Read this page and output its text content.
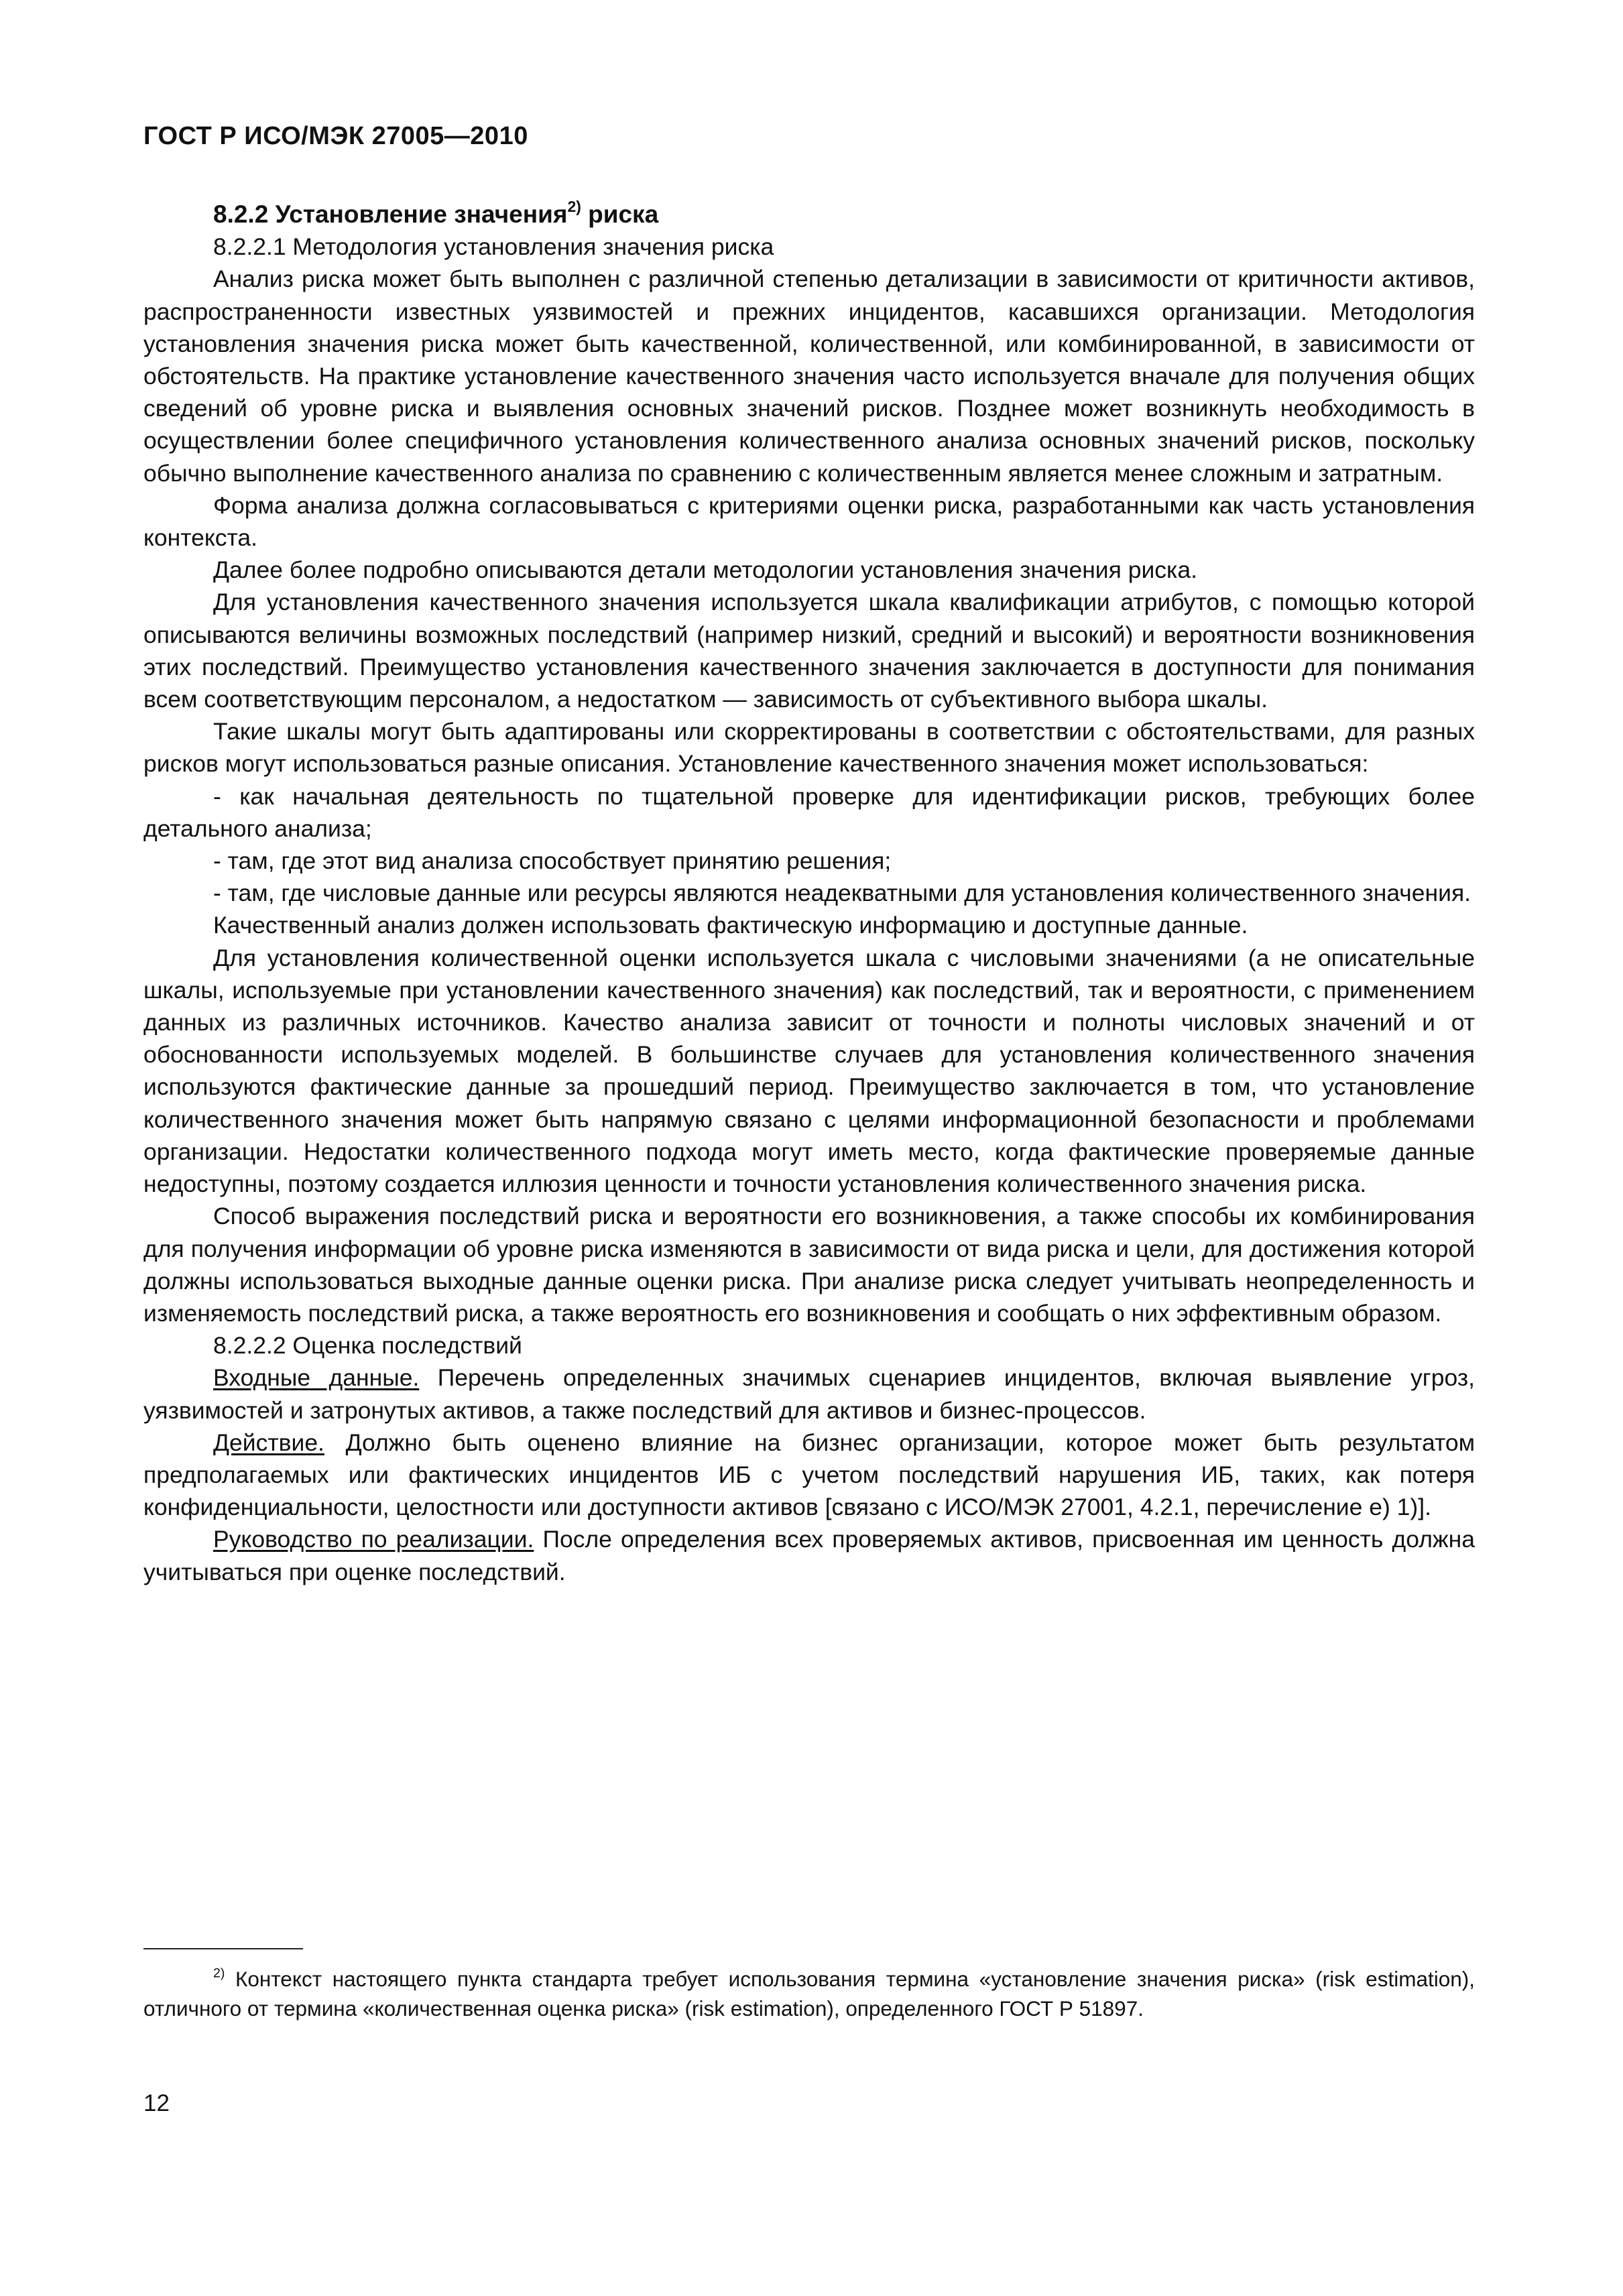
ГОСТ Р ИСО/МЭК 27005—2010

8.2.2 Установление значения$^{2)}$ риска

8.2.2.1 Методология установления значения риска

Анализ риска может быть выполнен с различной степенью детализации в зависимости от критичности активов, распространенности известных уязвимостей и прежних инцидентов, касавшихся организации. Методология установления значения риска может быть качественной, количественной, или комбинированной, в зависимости от обстоятельств. На практике установление качественного значения часто используется вначале для получения общих сведений об уровне риска и выявления основных значений рисков. Позднее может возникнуть необходимость в осуществлении более специфичного установления количественного анализа основных значений рисков, поскольку обычно выполнение качественного анализа по сравнению с количественным является менее сложным и затратным.

Форма анализа должна согласовываться с критериями оценки риска, разработанными как часть установления контекста.

Далее более подробно описываются детали методологии установления значения риска.

Для установления качественного значения используется шкала квалификации атрибутов, с помощью которой описываются величины возможных последствий (например низкий, средний и высокий) и вероятности возникновения этих последствий. Преимущество установления качественного значения заключается в доступности для понимания всем соответствующим персоналом, а недостатком — зависимость от субъективного выбора шкалы.

Такие шкалы могут быть адаптированы или скорректированы в соответствии с обстоятельствами, для разных рисков могут использоваться разные описания. Установление качественного значения может использоваться:

- как начальная деятельность по тщательной проверке для идентификации рисков, требующих более детального анализа;

- там, где этот вид анализа способствует принятию решения;

- там, где числовые данные или ресурсы являются неадекватными для установления количественного значения.

Качественный анализ должен использовать фактическую информацию и доступные данные.

Для установления количественной оценки используется шкала с числовыми значениями (а не описательные шкалы, используемые при установлении качественного значения) как последствий, так и вероятности, с применением данных из различных источников. Качество анализа зависит от точности и полноты числовых значений и от обоснованности используемых моделей. В большинстве случаев для установления количественного значения используются фактические данные за прошедший период. Преимущество заключается в том, что установление количественного значения может быть напрямую связано с целями информационной безопасности и проблемами организации. Недостатки количественного подхода могут иметь место, когда фактические проверяемые данные недоступны, поэтому создается иллюзия ценности и точности установления количественного значения риска.

Способ выражения последствий риска и вероятности его возникновения, а также способы их комбинирования для получения информации об уровне риска изменяются в зависимости от вида риска и цели, для достижения которой должны использоваться выходные данные оценки риска. При анализе риска следует учитывать неопределенность и изменяемость последствий риска, а также вероятность его возникновения и сообщать о них эффективным образом.

8.2.2.2 Оценка последствий

Входные данные. Перечень определенных значимых сценариев инцидентов, включая выявление угроз, уязвимостей и затронутых активов, а также последствий для активов и бизнес-процессов.

Действие. Должно быть оценено влияние на бизнес организации, которое может быть результатом предполагаемых или фактических инцидентов ИБ с учетом последствий нарушения ИБ, таких, как потеря конфиденциальности, целостности или доступности активов [связано с ИСО/МЭК 27001, 4.2.1, перечисление е) 1)].

Руководство по реализации. После определения всех проверяемых активов, присвоенная им ценность должна учитываться при оценке последствий.

$^{2)}$ Контекст настоящего пункта стандарта требует использования термина «установление значения риска» (risk estimation), отличного от термина «количественная оценка риска» (risk estimation), определенного ГОСТ Р 51897.

12
